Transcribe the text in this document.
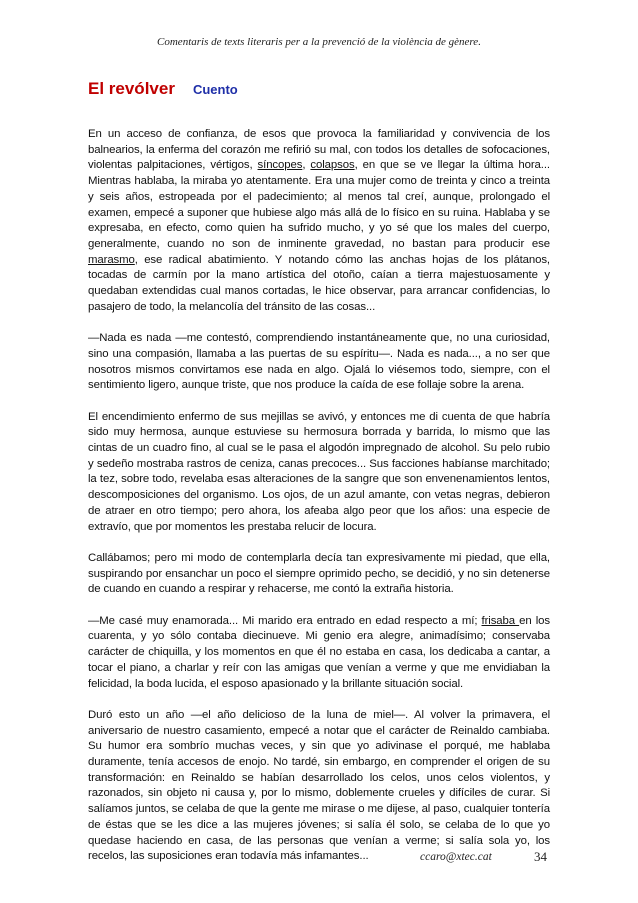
Comentaris de texts literaris per a la prevenció de la violència de gènere.
El revólver Cuento

En un acceso de confianza, de esos que provoca la familiaridad y convivencia de los balnearios, la enferma del corazón me refirió su mal, con todos los detalles de sofocaciones, violentas palpitaciones, vértigos, síncopes, colapsos, en que se ve llegar la última hora... Mientras hablaba, la miraba yo atentamente. Era una mujer como de treinta y cinco a treinta y seis años, estropeada por el padecimiento; al menos tal creí, aunque, prolongado el examen, empecé a suponer que hubiese algo más allá de lo físico en su ruina. Hablaba y se expresaba, en efecto, como quien ha sufrido mucho, y yo sé que los males del cuerpo, generalmente, cuando no son de inminente gravedad, no bastan para producir ese marasmo, ese radical abatimiento. Y notando cómo las anchas hojas de los plátanos, tocadas de carmín por la mano artística del otoño, caían a tierra majestuosamente y quedaban extendidas cual manos cortadas, le hice observar, para arrancar confidencias, lo pasajero de todo, la melancolía del tránsito de las cosas...

—Nada es nada —me contestó, comprendiendo instantáneamente que, no una curiosidad, sino una compasión, llamaba a las puertas de su espíritu—. Nada es nada..., a no ser que nosotros mismos convirtamos ese nada en algo. Ojalá lo viésemos todo, siempre, con el sentimiento ligero, aunque triste, que nos produce la caída de ese follaje sobre la arena.

El encendimiento enfermo de sus mejillas se avivó, y entonces me di cuenta de que habría sido muy hermosa, aunque estuviese su hermosura borrada y barrida, lo mismo que las cintas de un cuadro fino, al cual se le pasa el algodón impregnado de alcohol. Su pelo rubio y sedeño mostraba rastros de ceniza, canas precoces... Sus facciones habíanse marchitado; la tez, sobre todo, revelaba esas alteraciones de la sangre que son envenenamientos lentos, descomposiciones del organismo. Los ojos, de un azul amante, con vetas negras, debieron de atraer en otro tiempo; pero ahora, los afeaba algo peor que los años: una especie de extravío, que por momentos les prestaba relucir de locura.

Callábamos; pero mi modo de contemplarla decía tan expresivamente mi piedad, que ella, suspirando por ensanchar un poco el siempre oprimido pecho, se decidió, y no sin detenerse de cuando en cuando a respirar y rehacerse, me contó la extraña historia.

—Me casé muy enamorada... Mi marido era entrado en edad respecto a mí; frisaba en los cuarenta, y yo sólo contaba diecinueve. Mi genio era alegre, animadísimo; conservaba carácter de chiquilla, y los momentos en que él no estaba en casa, los dedicaba a cantar, a tocar el piano, a charlar y reír con las amigas que venían a verme y que me envidiaban la felicidad, la boda lucida, el esposo apasionado y la brillante situación social.

Duró esto un año —el año delicioso de la luna de miel—. Al volver la primavera, el aniversario de nuestro casamiento, empecé a notar que el carácter de Reinaldo cambiaba. Su humor era sombrío muchas veces, y sin que yo adivinase el porqué, me hablaba duramente, tenía accesos de enojo. No tardé, sin embargo, en comprender el origen de su transformación: en Reinaldo se habían desarrollado los celos, unos celos violentos, y razonados, sin objeto ni causa y, por lo mismo, doblemente crueles y difíciles de curar. Si salíamos juntos, se celaba de que la gente me mirase o me dijese, al paso, cualquier tontería de éstas que se les dice a las mujeres jóvenes; si salía él solo, se celaba de lo que yo quedase haciendo en casa, de las personas que venían a verme; si salía sola yo, los recelos, las suposiciones eran todavía más infamantes...	ccaro@xtec.cat	34
